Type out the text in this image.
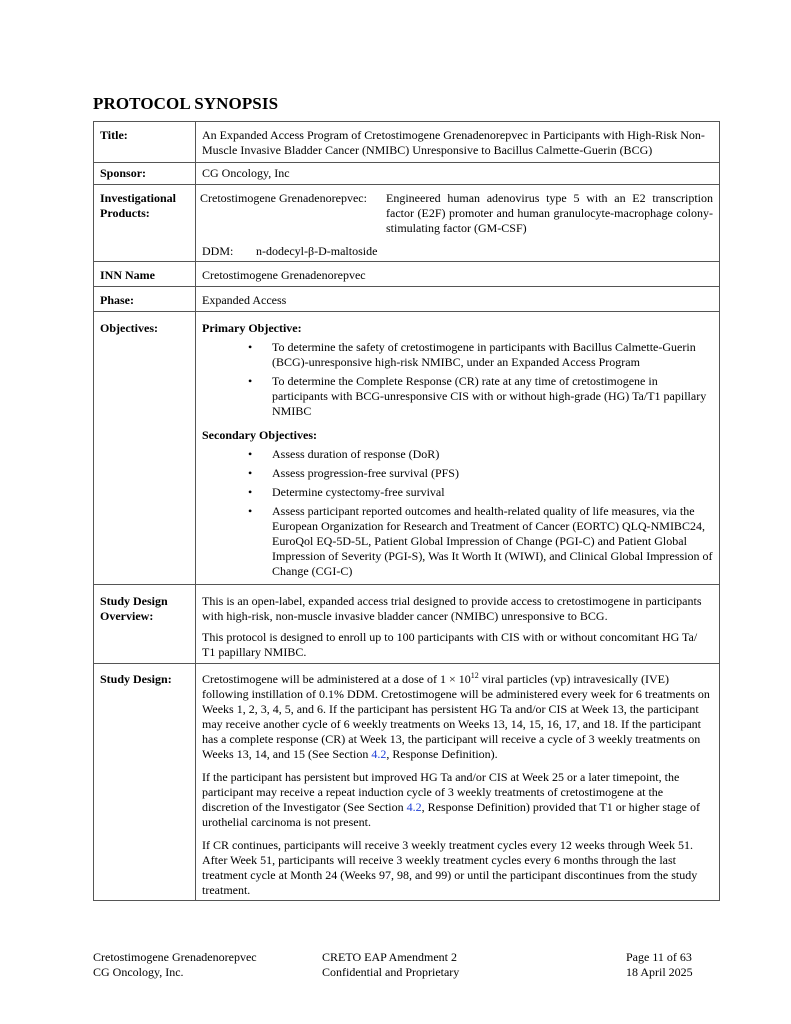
PROTOCOL SYNOPSIS
Title:	An Expanded Access Program of Cretostimogene Grenadenorepvec in Participants with High-Risk Non-Muscle Invasive Bladder Cancer (NMIBC) Unresponsive to Bacillus Calmette-Guerin (BCG)

Sponsor:	CG Oncology, Inc

Investigational Products:	Cretostimogene Grenadenorepvec: Engineered human adenovirus type 5 with an E2 transcription factor (E2F) promoter and human granulocyte-macrophage colony-stimulating factor (GM-CSF)
DDM: n-dodecyl-β-D-maltoside

INN Name	Cretostimogene Grenadenorepvec

Phase:	Expanded Access

Objectives:	Primary Objective:
• To determine the safety of cretostimogene in participants with Bacillus Calmette-Guerin (BCG)-unresponsive high-risk NMIBC, under an Expanded Access Program
• To determine the Complete Response (CR) rate at any time of cretostimogene in participants with BCG-unresponsive CIS with or without high-grade (HG) Ta/T1 papillary NMIBC
Secondary Objectives:
• Assess duration of response (DoR)
• Assess progression-free survival (PFS)
• Determine cystectomy-free survival
• Assess participant reported outcomes and health-related quality of life measures, via the European Organization for Research and Treatment of Cancer (EORTC) QLQ-NMIBC24, EuroQol EQ-5D-5L, Patient Global Impression of Change (PGI-C) and Patient Global Impression of Severity (PGI-S), Was It Worth It (WIWI), and Clinical Global Impression of Change (CGI-C)

Study Design Overview:	This is an open-label, expanded access trial designed to provide access to cretostimogene in participants with high-risk, non-muscle invasive bladder cancer (NMIBC) unresponsive to BCG.
This protocol is designed to enroll up to 100 participants with CIS with or without concomitant HG Ta/ T1 papillary NMIBC.

Study Design:	Cretostimogene will be administered at a dose of $1 \times 10^{12}$ viral particles (vp) intravesically (IVE) following instillation of 0.1% DDM. Cretostimogene will be administered every week for 6 treatments on Weeks 1, 2, 3, 4, 5, and 6. If the participant has persistent HG Ta and/or CIS at Week 13, the participant may receive another cycle of 6 weekly treatments on Weeks 13, 14, 15, 16, 17, and 18. If the participant has a complete response (CR) at Week 13, the participant will receive a cycle of 3 weekly treatments on Weeks 13, 14, and 15 (See Section 4.2, Response Definition).
If the participant has persistent but improved HG Ta and/or CIS at Week 25 or a later timepoint, the participant may receive a repeat induction cycle of 3 weekly treatments of cretostimogene at the discretion of the Investigator (See Section 4.2, Response Definition) provided that T1 or higher stage of urothelial carcinoma is not present.
If CR continues, participants will receive 3 weekly treatment cycles every 12 weeks through Week 51. After Week 51, participants will receive 3 weekly treatment cycles every 6 months through the last treatment cycle at Month 24 (Weeks 97, 98, and 99) or until the participant discontinues from the study treatment.
Cretostimogene Grenadenorepvec
CG Oncology, Inc.
CRETO EAP Amendment 2
Confidential and Proprietary
Page 11 of 63
18 April 2025
